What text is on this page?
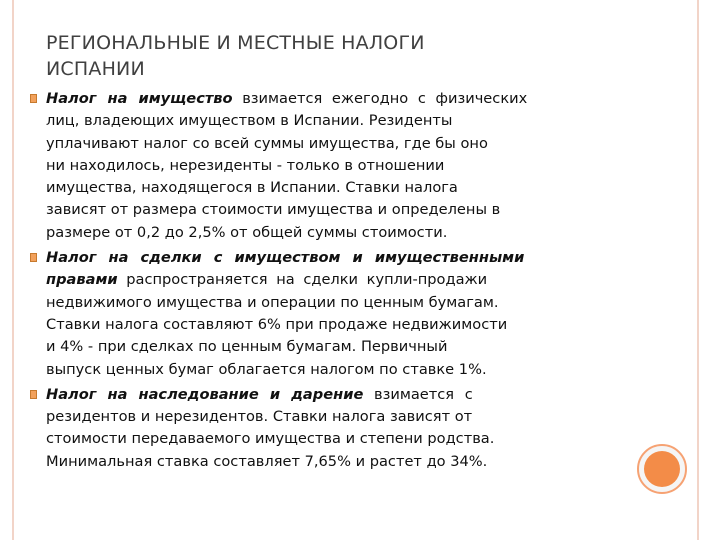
РЕГИОНАЛЬНЫЕ И МЕСТНЫЕ НАЛОГИ
ИСПАНИИ
Налог на имущество взимается ежегодно с физических
лиц, владеющих имуществом в Испании. Резиденты
уплачивают налог со всей суммы имущества, где бы оно
ни находилось, нерезиденты - только в отношении
имущества, находящегося в Испании. Ставки налога
зависят от размера стоимости имущества и определены в
размере от 0,2 до 2,5% от общей суммы стоимости.
Налог на сделки с имуществом и имущественными
правами распространяется на сделки купли-продажи
недвижимого имущества и операции по ценным бумагам.
Ставки налога составляют 6% при продаже недвижимости
и 4% - при сделках по ценным бумагам. Первичный
выпуск ценных бумаг облагается налогом по ставке 1%.
Налог на наследование и дарение взимается с
резидентов и нерезидентов. Ставки налога зависят от
стоимости передаваемого имущества и степени родства.
Минимальная ставка составляет 7,65% и растет до 34%.
